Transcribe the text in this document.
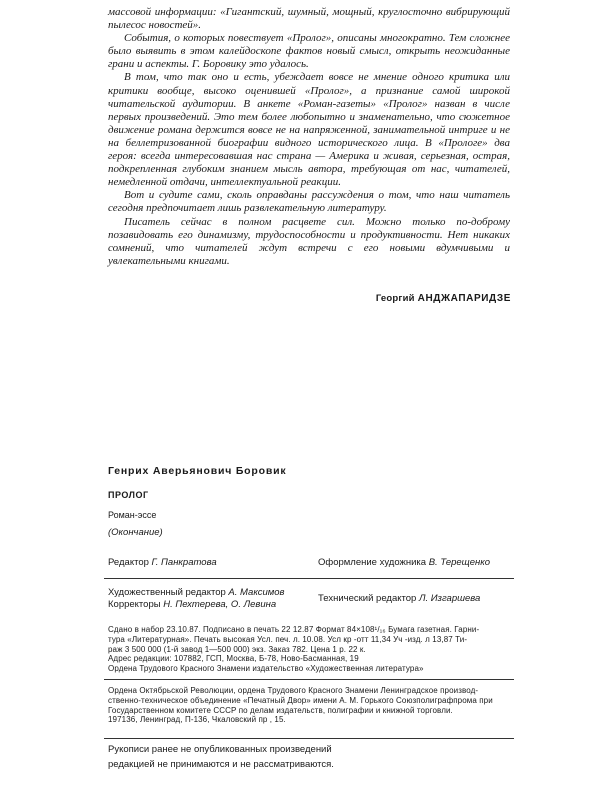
массовой информации: «Гигантский, шумный, мощный, круглосточно вибрирующий пылесос новостей».

События, о которых повествует «Пролог», описаны многократно. Тем сложнее было выявить в этом калейдоскопе фактов новый смысл, открыть неожиданные грани и аспекты. Г. Боровику это удалось.

В том, что так оно и есть, убеждает вовсе не мнение одного критика или критики вообще, высоко оценившей «Пролог», а признание самой широкой читательской аудитории. В анкете «Роман-газеты» «Пролог» назван в числе первых произведений. Это тем более любопытно и знаменательно, что сюжетное движение романа держится вовсе не на напряженной, занимательной интриге и не на беллетризованной биографии видного исторического лица. В «Прологе» два героя: всегда интересовавшая нас страна — Америка и живая, серьезная, острая, подкрепленная глубоким знанием мысль автора, требующая от нас, читателей, немедленной отдачи, интеллектуальной реакции.

Вот и судите сами, сколь оправданы рассуждения о том, что наш читатель сегодня предпочитает лишь развлекательную литературу.

Писатель сейчас в полном расцвете сил. Можно только по-доброму позавидовать его динамизму, трудоспособности и продуктивности. Нет никаких сомнений, что читателей ждут встречи с его новыми вдумчивыми и увлекательными книгами.

Георгий АНДЖАПАРИДЗЕ
Генрих Аверьянович Боровик
ПРОЛОГ
Роман-эссе
(Окончание)
Редактор Г. Панкратова	Оформление художника В. Терещенко
Художественный редактор А. Максимов
Корректоры Н. Пехтерева, О. Левина
Технический редактор Л. Изгаршева
Сдано в набор 23.10.87. Подписано в печать 22 12.87 Формат 84×108¹/₁₆ Бумага газетная. Гарни-
тура «Литературная». Печать высокая Усл. печ. л. 10.08. Усл кр -отт 11,34 Уч -изд. л 13,87 Ти-
раж 3 500 000 (1-й завод 1—500 000) экз. Заказ 782. Цена 1 р. 22 к.
Адрес редакции: 107882, ГСП, Москва, Б-78, Ново-Басманная, 19
Ордена Трудового Красного Знамени издательство «Художественная литература»
Ордена Октябрьской Революции, ордена Трудового Красного Знамени Ленинградское производ-
ственно-техническое объединение «Печатный Двор» имени А. М. Горького Союзполиграфпрома при
Государственном комитете СССР по делам издательств, полиграфии и книжной торговли.
197136, Ленинград, П-136, Чкаловский пр , 15.
Рукописи ранее не опубликованных произведений
редакцией не принимаются и не рассматриваются.
